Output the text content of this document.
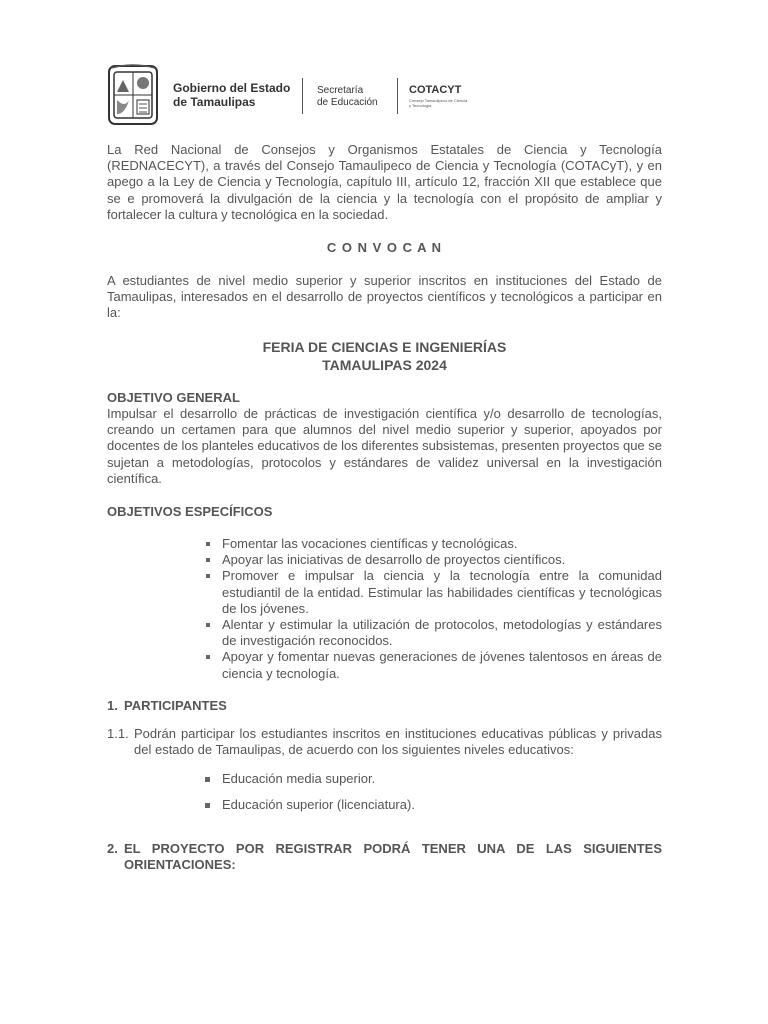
Gobierno del Estado
de Tamaulipas
Secretaría
de Educación
COTACYT
Consejo Tamaulipeco de Ciencia y Tecnología
La Red Nacional de Consejos y Organismos Estatales de Ciencia y Tecnología (REDNACECYT), a través del Consejo Tamaulipeco de Ciencia y Tecnología (COTACyT), y en apego a la Ley de Ciencia y Tecnología, capítulo III, artículo 12, fracción XII que establece que se e promoverá la divulgación de la ciencia y la tecnología con el propósito de ampliar y fortalecer la cultura y tecnológica en la sociedad.
C O N V O C A N
A estudiantes de nivel medio superior y superior inscritos en instituciones del Estado de Tamaulipas, interesados en el desarrollo de proyectos científicos y tecnológicos a participar en la:
FERIA DE CIENCIAS E INGENIERÍAS
TAMAULIPAS 2024
OBJETIVO GENERAL
Impulsar el desarrollo de prácticas de investigación científica y/o desarrollo de tecnologías, creando un certamen para que alumnos del nivel medio superior y superior, apoyados por docentes de los planteles educativos de los diferentes subsistemas, presenten proyectos que se sujetan a metodologías, protocolos y estándares de validez universal en la investigación científica.
OBJETIVOS ESPECÍFICOS
Fomentar las vocaciones científicas y tecnológicas.
Apoyar las iniciativas de desarrollo de proyectos científicos.
Promover e impulsar la ciencia y la tecnología entre la comunidad estudiantil de la entidad. Estimular las habilidades científicas y tecnológicas de los jóvenes.
Alentar y estimular la utilización de protocolos, metodologías y estándares de investigación reconocidos.
Apoyar y fomentar nuevas generaciones de jóvenes talentosos en áreas de ciencia y tecnología.
1. PARTICIPANTES
1.1. Podrán participar los estudiantes inscritos en instituciones educativas públicas y privadas del estado de Tamaulipas, de acuerdo con los siguientes niveles educativos:
Educación media superior.
Educación superior (licenciatura).
2. EL PROYECTO POR REGISTRAR PODRÁ TENER UNA DE LAS SIGUIENTES ORIENTACIONES:
